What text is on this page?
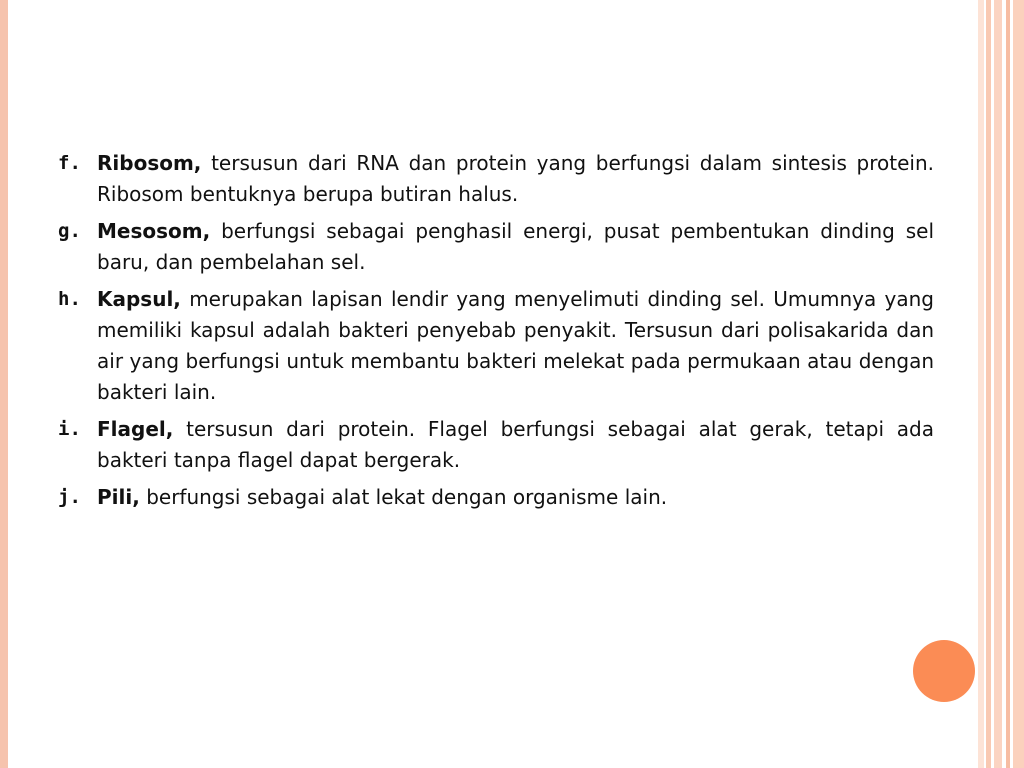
f. Ribosom, tersusun dari RNA dan protein yang berfungsi dalam sintesis protein. Ribosom bentuknya berupa butiran halus.
g. Mesosom, berfungsi sebagai penghasil energi, pusat pembentukan dinding sel baru, dan pembelahan sel.
h. Kapsul, merupakan lapisan lendir yang menyelimuti dinding sel. Umumnya yang memiliki kapsul adalah bakteri penyebab penyakit. Tersusun dari polisakarida dan air yang berfungsi untuk membantu bakteri melekat pada permukaan atau dengan bakteri lain.
i. Flagel, tersusun dari protein. Flagel berfungsi sebagai alat gerak, tetapi ada bakteri tanpa flagel dapat bergerak.
j. Pili, berfungsi sebagai alat lekat dengan organisme lain.
